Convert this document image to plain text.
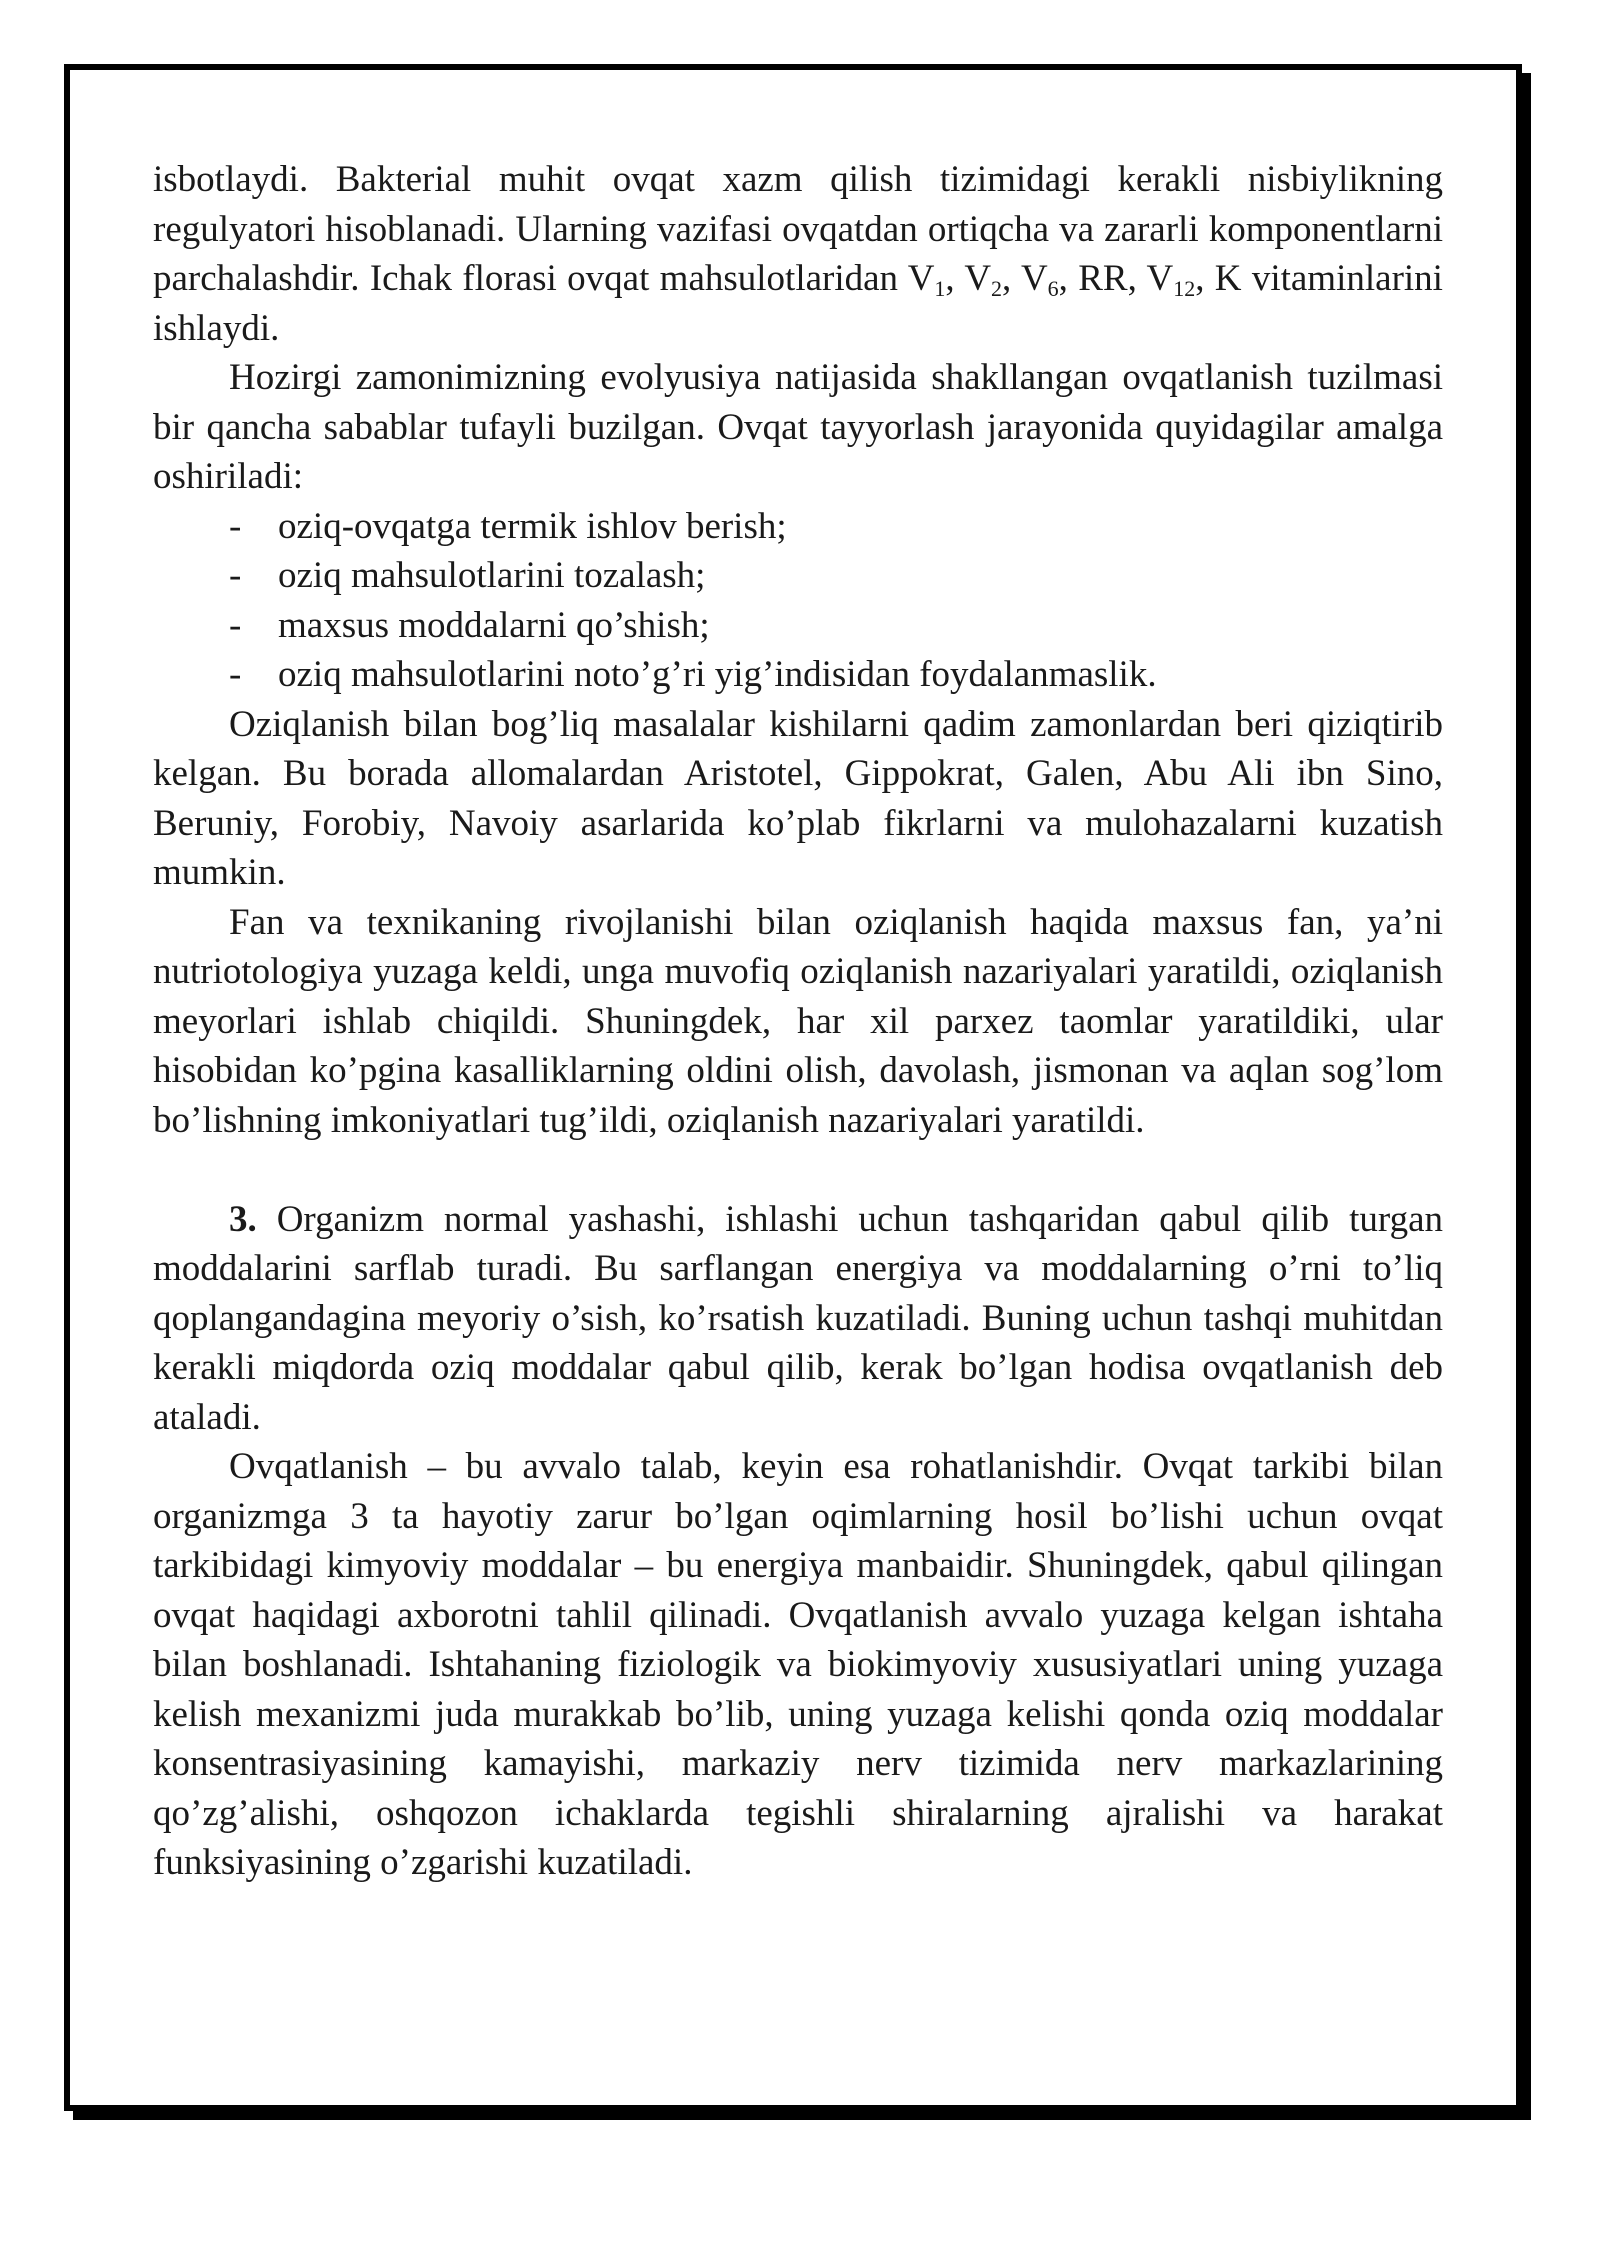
isbotlaydi. Bakterial muhit ovqat xazm qilish tizimidagi kerakli nisbiylikning regulyatori hisoblanadi. Ularning vazifasi ovqatdan ortiqcha va zararli komponentlarni parchalashdir. Ichak florasi ovqat mahsulotlaridan $V_1$, $V_2$, $V_6$, RR, $V_{12}$, K vitaminlarini ishlaydi.

Hozirgi zamonimizning evolyusiya natijasida shakllangan ovqatlanish tuzilmasi bir qancha sabablar tufayli buzilgan. Ovqat tayyorlash jarayonida quyidagilar amalga oshiriladi:

- oziq-ovqatga termik ishlov berish;
- oziq mahsulotlarini tozalash;
- maxsus moddalarni qo’shish;
- oziq mahsulotlarini noto’g’ri yig’indisidan foydalanmaslik.

Oziqlanish bilan bog’liq masalalar kishilarni qadim zamonlardan beri qiziqtirib kelgan. Bu borada allomalardan Aristotel, Gippokrat, Galen, Abu Ali ibn Sino, Beruniy, Forobiy, Navoiy asarlarida ko’plab fikrlarni va mulohazalarni kuzatish mumkin.

Fan va texnikaning rivojlanishi bilan oziqlanish haqida maxsus fan, ya’ni nutriotologiya yuzaga keldi, unga muvofiq oziqlanish nazariyalari yaratildi, oziqlanish meyorlari ishlab chiqildi. Shuningdek, har xil parxez taomlar yaratildiki, ular hisobidan ko’pgina kasalliklarning oldini olish, davolash, jismonan va aqlan sog’lom bo’lishning imkoniyatlari tug’ildi, oziqlanish nazariyalari yaratildi.

3. Organizm normal yashashi, ishlashi uchun tashqaridan qabul qilib turgan moddalarini sarflab turadi. Bu sarflangan energiya va moddalarning o’rni to’liq qoplangandagina meyoriy o’sish, ko’rsatish kuzatiladi. Buning uchun tashqi muhitdan kerakli miqdorda oziq moddalar qabul qilib, kerak bo’lgan hodisa ovqatlanish deb ataladi.

Ovqatlanish – bu avvalo talab, keyin esa rohatlanishdir. Ovqat tarkibi bilan organizmga 3 ta hayotiy zarur bo’lgan oqimlarning hosil bo’lishi uchun ovqat tarkibidagi kimyoviy moddalar – bu energiya manbaidir. Shuningdek, qabul qilingan ovqat haqidagi axborotni tahlil qilinadi. Ovqatlanish avvalo yuzaga kelgan ishtaha bilan boshlanadi. Ishtahaning fiziologik va biokimyoviy xususiyatlari uning yuzaga kelish mexanizmi juda murakkab bo’lib, uning yuzaga kelishi qonda oziq moddalar konsentrasiyasining kamayishi, markaziy nerv tizimida nerv markazlarining qo’zg’alishi, oshqozon ichaklarda tegishli shiralarning ajralishi va harakat funksiyasining o’zgarishi kuzatiladi.
